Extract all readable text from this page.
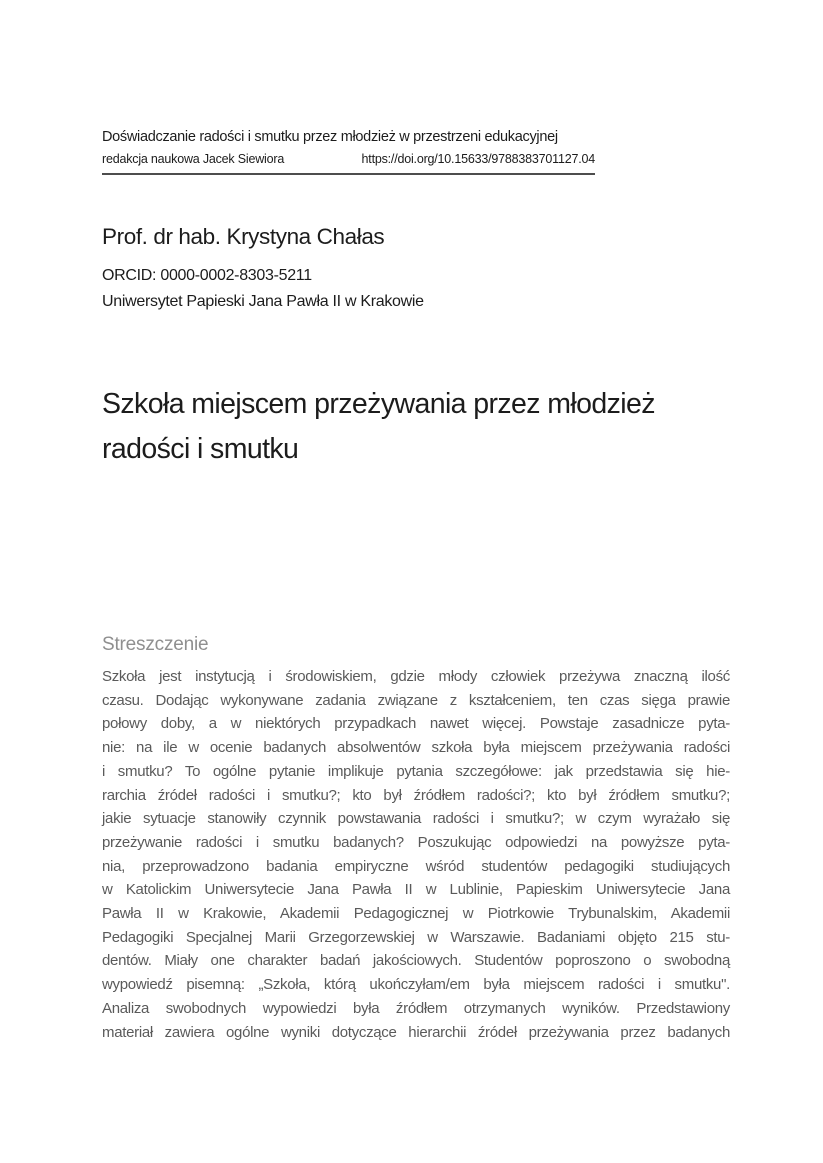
Doświadczanie radości i smutku przez młodzież w przestrzeni edukacyjnej
redakcja naukowa Jacek Siewiora	https://doi.org/10.15633/9788383701127.04
Prof. dr hab. Krystyna Chałas
ORCID: 0000-0002-8303-5211
Uniwersytet Papieski Jana Pawła II w Krakowie
Szkoła miejscem przeżywania przez młodzież
radości i smutku
Streszczenie
Szkoła jest instytucją i środowiskiem, gdzie młody człowiek przeżywa znaczną ilość
czasu. Dodając wykonywane zadania związane z kształceniem, ten czas sięga prawie
połowy doby, a w niektórych przypadkach nawet więcej. Powstaje zasadnicze pyta-
nie: na ile w ocenie badanych absolwentów szkoła była miejscem przeżywania radości
i smutku? To ogólne pytanie implikuje pytania szczegółowe: jak przedstawia się hie-
rarchia źródeł radości i smutku?; kto był źródłem radości?; kto był źródłem smutku?;
jakie sytuacje stanowiły czynnik powstawania radości i smutku?; w czym wyrażało się
przeżywanie radości i smutku badanych? Poszukując odpowiedzi na powyższe pyta-
nia, przeprowadzono badania empiryczne wśród studentów pedagogiki studiujących
w Katolickim Uniwersytecie Jana Pawła II w Lublinie, Papieskim Uniwersytecie Jana
Pawła II w Krakowie, Akademii Pedagogicznej w Piotrkowie Trybunalskim, Akademii
Pedagogiki Specjalnej Marii Grzegorzewskiej w Warszawie. Badaniami objęto 215 stu-
dentów. Miały one charakter badań jakościowych. Studentów poproszono o swobodną
wypowiedź pisemną: „Szkoła, którą ukończyłam/em była miejscem radości i smutku".
Analiza swobodnych wypowiedzi była źródłem otrzymanych wyników. Przedstawiony
materiał zawiera ogólne wyniki dotyczące hierarchii źródeł przeżywania przez badanych
